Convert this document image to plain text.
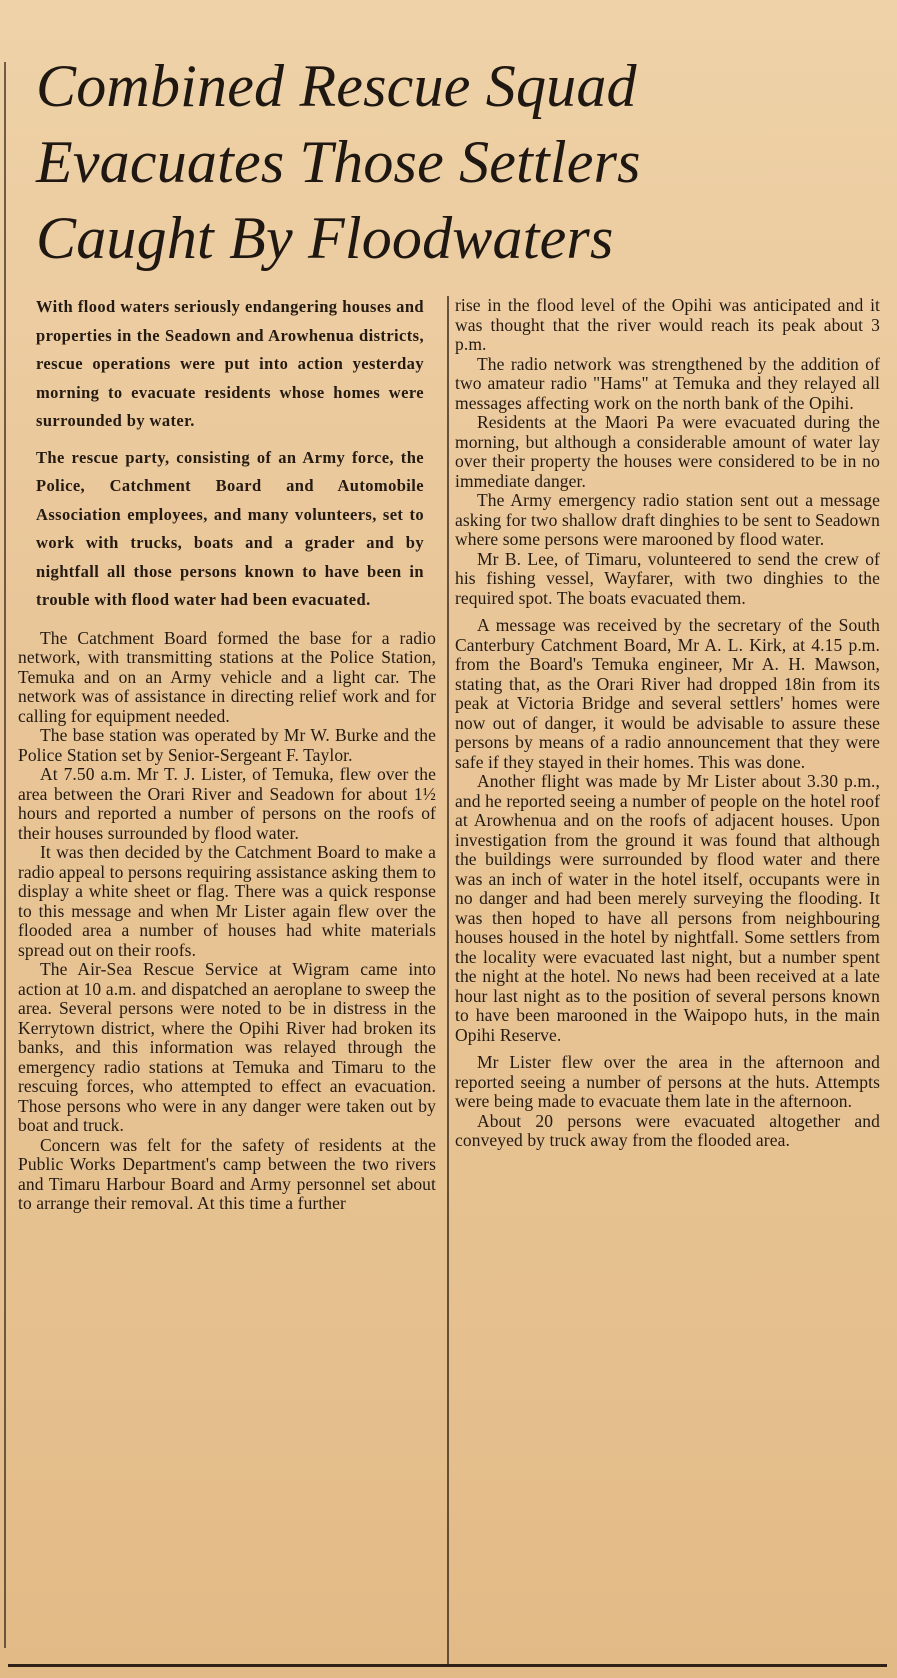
Combined Rescue Squad
Evacuates Those Settlers
Caught By Floodwaters

With flood waters seriously endangering houses and properties in the Seadown and Arowhenua districts, rescue operations were put into action yesterday morning to evacuate residents whose homes were surrounded by water.

The rescue party, consisting of an Army force, the Police, Catchment Board and Automobile Association employees, and many volunteers, set to work with trucks, boats and a grader and by nightfall all those persons known to have been in trouble with flood water had been evacuated.

The Catchment Board formed the base for a radio network, with transmitting stations at the Police Station, Temuka and on an Army vehicle and a light car. The network was of assistance in directing relief work and for calling for equipment needed.

The base station was operated by Mr W. Burke and the Police Station set by Senior-Sergeant F. Taylor.

At 7.50 a.m. Mr T. J. Lister, of Temuka, flew over the area between the Orari River and Seadown for about 1½ hours and reported a number of persons on the roofs of their houses surrounded by flood water.

It was then decided by the Catchment Board to make a radio appeal to persons requiring assistance asking them to display a white sheet or flag. There was a quick response to this message and when Mr Lister again flew over the flooded area a number of houses had white materials spread out on their roofs.

The Air-Sea Rescue Service at Wigram came into action at 10 a.m. and dispatched an aeroplane to sweep the area. Several persons were noted to be in distress in the Kerrytown district, where the Opihi River had broken its banks, and this information was relayed through the emergency radio stations at Temuka and Timaru to the rescuing forces, who attempted to effect an evacuation. Those persons who were in any danger were taken out by boat and truck.

Concern was felt for the safety of residents at the Public Works Department's camp between the two rivers and Timaru Harbour Board and Army personnel set about to arrange their removal. At this time a further

rise in the flood level of the Opihi was anticipated and it was thought that the river would reach its peak about 3 p.m.

The radio network was strengthened by the addition of two amateur radio "Hams" at Temuka and they relayed all messages affecting work on the north bank of the Opihi.

Residents at the Maori Pa were evacuated during the morning, but although a considerable amount of water lay over their property the houses were considered to be in no immediate danger.

The Army emergency radio station sent out a message asking for two shallow draft dinghies to be sent to Seadown where some persons were marooned by flood water.

Mr B. Lee, of Timaru, volunteered to send the crew of his fishing vessel, Wayfarer, with two dinghies to the required spot. The boats evacuated them.

A message was received by the secretary of the South Canterbury Catchment Board, Mr A. L. Kirk, at 4.15 p.m. from the Board's Temuka engineer, Mr A. H. Mawson, stating that, as the Orari River had dropped 18in from its peak at Victoria Bridge and several settlers' homes were now out of danger, it would be advisable to assure these persons by means of a radio announcement that they were safe if they stayed in their homes. This was done.

Another flight was made by Mr Lister about 3.30 p.m., and he reported seeing a number of people on the hotel roof at Arowhenua and on the roofs of adjacent houses. Upon investigation from the ground it was found that although the buildings were surrounded by flood water and there was an inch of water in the hotel itself, occupants were in no danger and had been merely surveying the flooding. It was then hoped to have all persons from neighbouring houses housed in the hotel by nightfall. Some settlers from the locality were evacuated last night, but a number spent the night at the hotel. No news had been received at a late hour last night as to the position of several persons known to have been marooned in the Waipopo huts, in the main Opihi Reserve.

Mr Lister flew over the area in the afternoon and reported seeing a number of persons at the huts. Attempts were being made to evacuate them late in the afternoon.

About 20 persons were evacuated altogether and conveyed by truck away from the flooded area.
